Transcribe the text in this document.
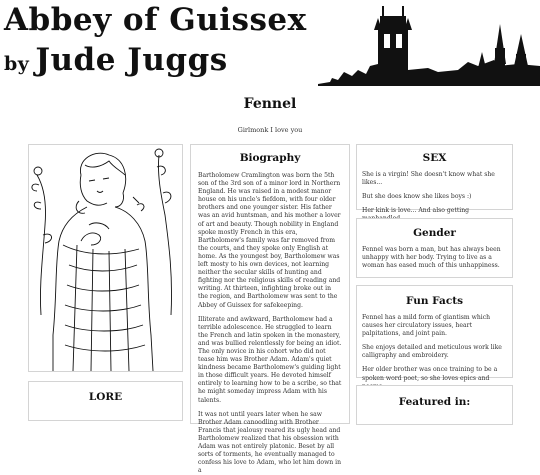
Abbey of Guissex
by Jude Juggs
Fennel
Girlmonk I love you
LORE
Biography

Bartholomew Cramlington was born the 5th son of the 3rd son of a minor lord in Northern England. He was raised in a modest manor house on his uncle's fiefdom, with four older brothers and one younger sister. His father was an avid huntsman, and his mother a lover of art and beauty. Though nobility in England spoke mostly French in this era, Bartholomew's family was far removed from the courts, and they spoke only English at home. As the youngest boy, Bartholomew was left mosty to his own devices, not learning neither the secular skills of hunting and fighting nor the religious skills of reading and writing. At thirteen, infighting broke out in the region, and Bartholomew was sent to the Abbey of Guissex for safekeeping.

Illiterate and awkward, Bartholomew had a terrible adolescence. He struggled to learn the French and latin spoken in the monastery, and was bullied relentlessly for being an idiot. The only novice in his cohort who did not tease him was Brother Adam. Adam's quiet kindness became Bartholomew's guiding light in those difficult years. He devoted himself entirely to learning how to be a scribe, so that he might someday impress Adam with his talents.

It was not until years later when he saw Brother Adam canoodling with Brother Francis that jealousy reared its ugly head and Bartholomew realized that his obsession with Adam was not entirely platonic. Beset by all sorts of torments, he eventually managed to confess his love to Adam, who let him down in a

SEX

She is a virgin! She doesn't know what she likes...

But she does know she likes boys :)

Her kink is love... And also getting

Gender

Fennel was born a man, but has always been unhappy with her body. Trying to live as a woman has eased much of this unhappiness.

Fun Facts

Fennel has a mild form of giantism which causes her circulatory issues, heart palpitations, and joint pain.

She enjoys detailed and meticulous work like calligraphy and embroidery.

Her older brother was once training to be a spoken word poet, so she loves epics and

Featured in:
